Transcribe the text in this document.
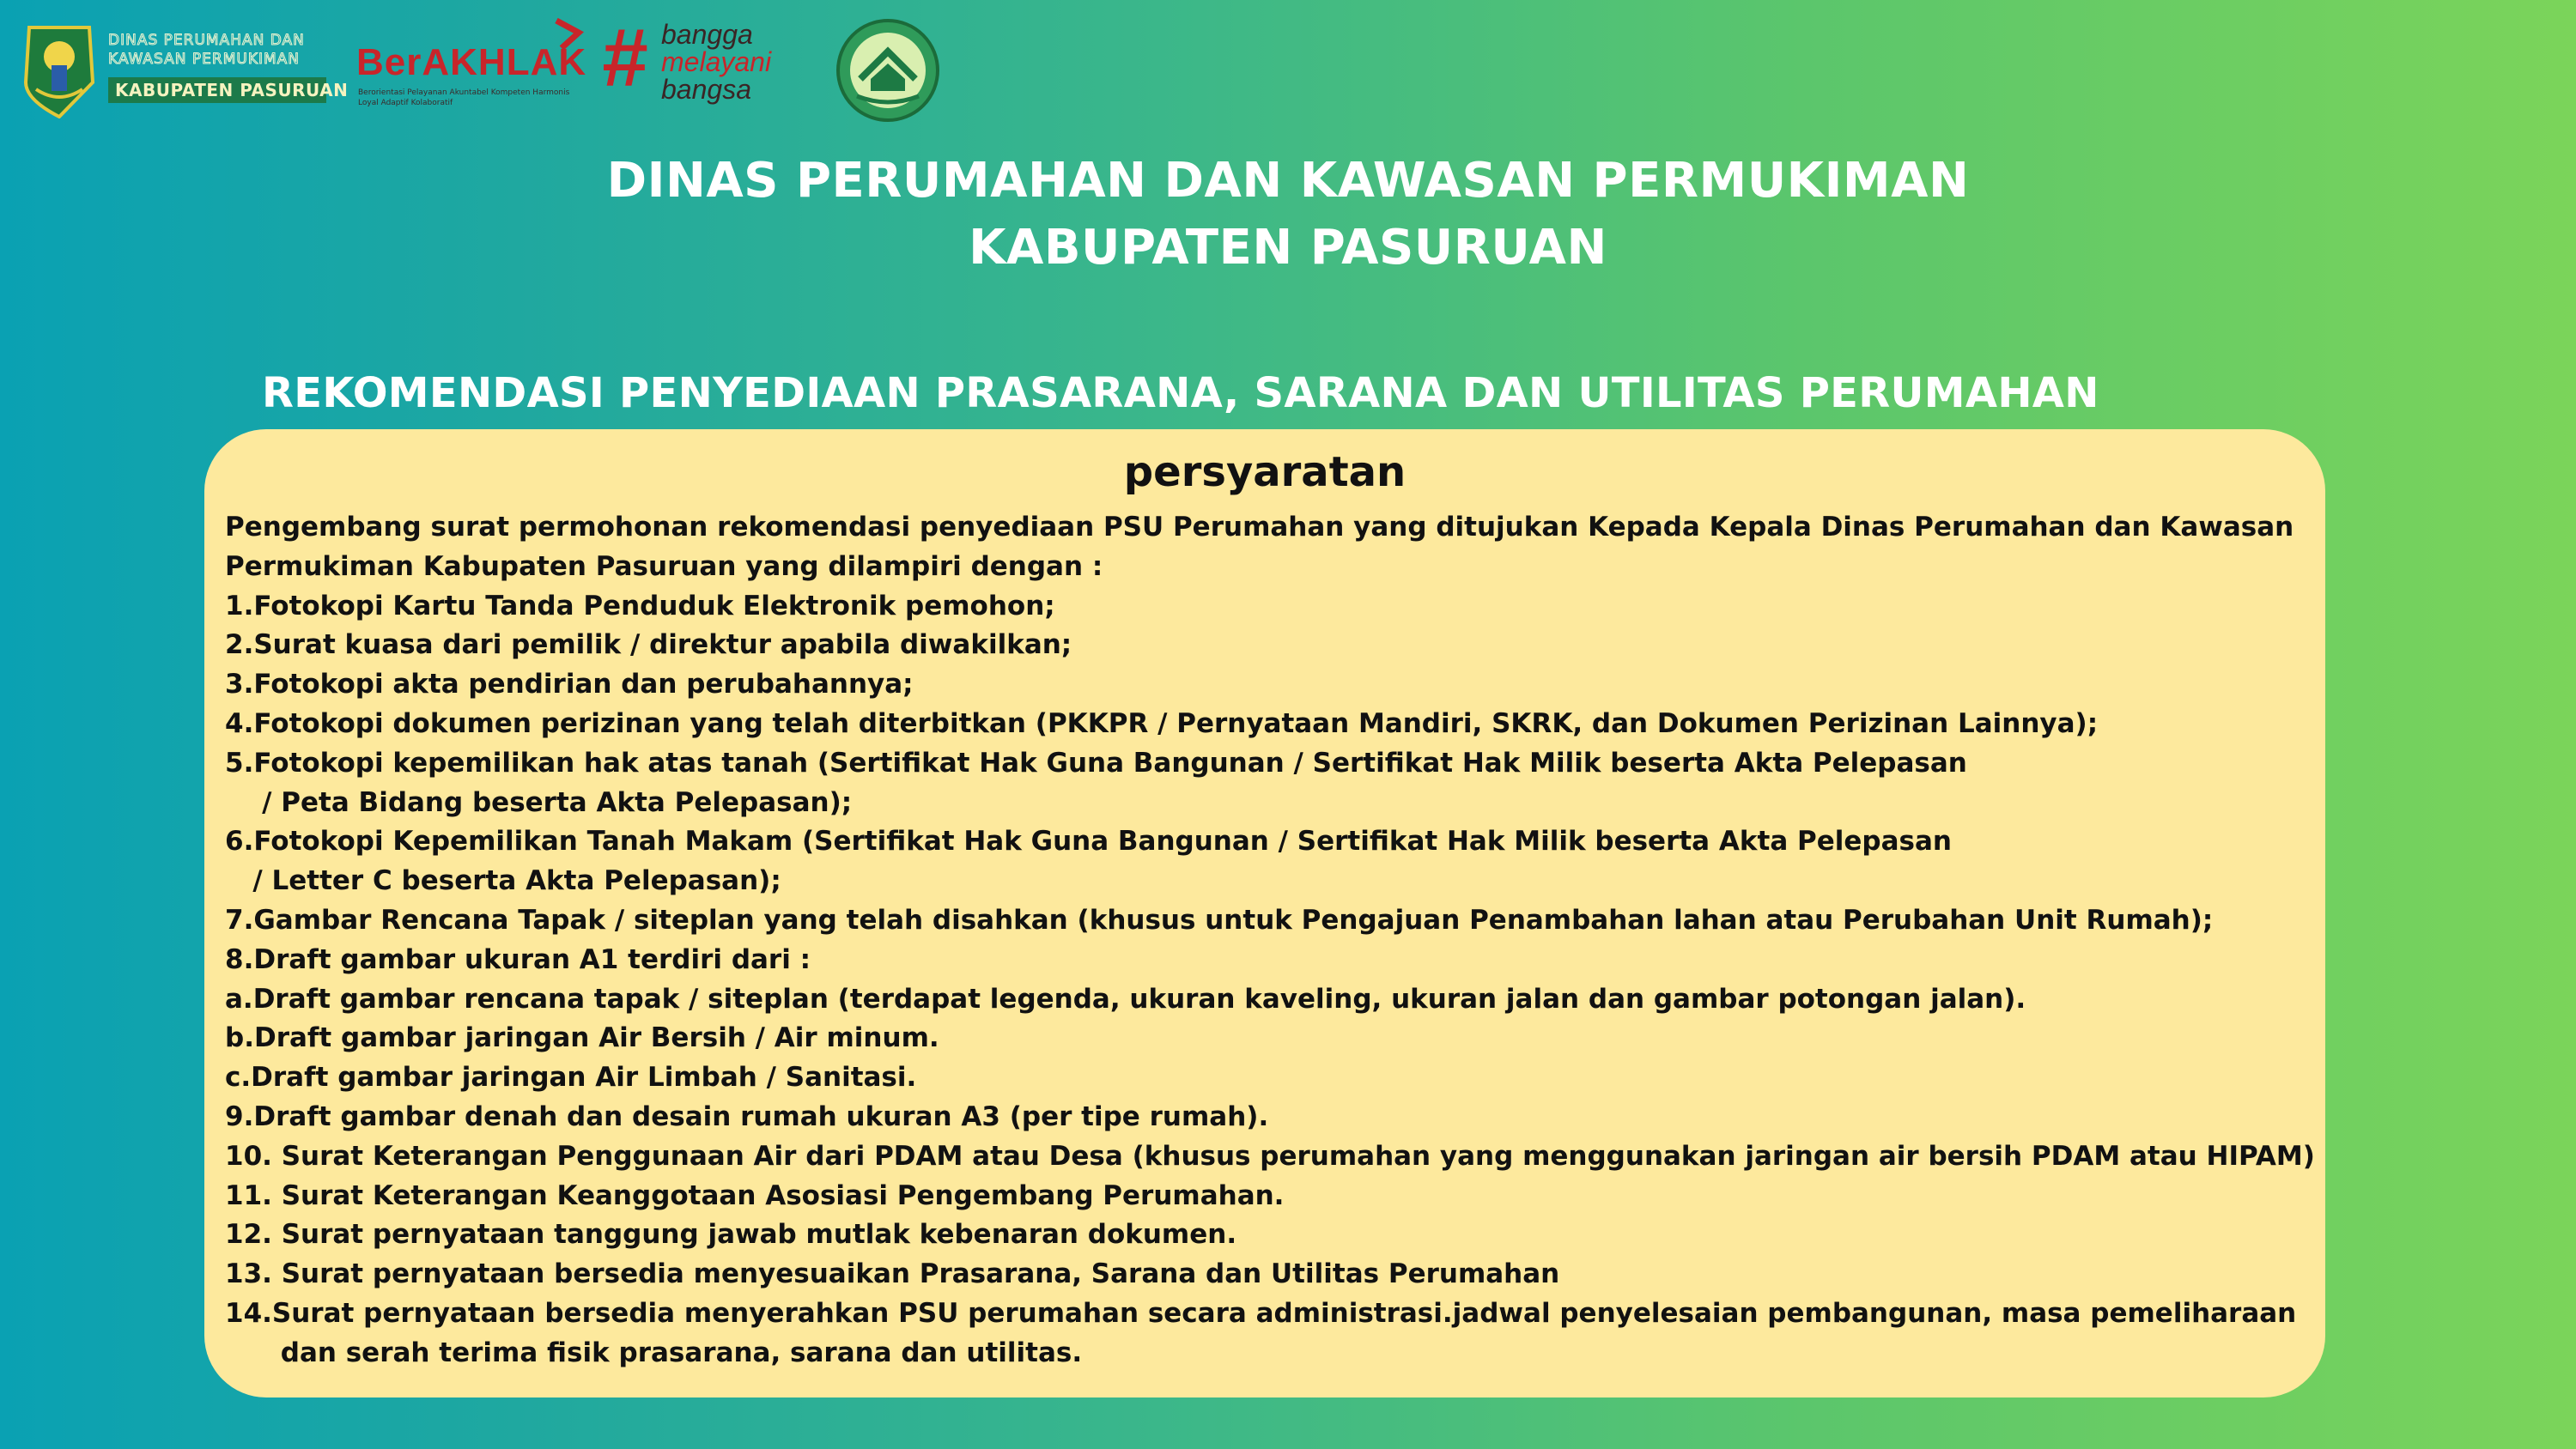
DINAS PERUMAHAN DAN
KAWASAN PERMUKIMAN
KABUPATEN PASURUAN
BerAKHLAK
Berorientasi Pelayanan Akuntabel Kompeten Harmonis Loyal Adaptif Kolaboratif	# bangga
melayani
bangsa
DINAS PERUMAHAN DAN KAWASAN PERMUKIMAN
KABUPATEN PASURUAN
REKOMENDASI PENYEDIAAN PRASARANA, SARANA DAN UTILITAS PERUMAHAN
persyaratan
Pengembang surat permohonan rekomendasi penyediaan PSU Perumahan yang ditujukan Kepada Kepala Dinas Perumahan dan Kawasan
Permukiman Kabupaten Pasuruan yang dilampiri dengan :
1.Fotokopi Kartu Tanda Penduduk Elektronik pemohon;
2.Surat kuasa dari pemilik / direktur apabila diwakilkan;
3.Fotokopi akta pendirian dan perubahannya;
4.Fotokopi dokumen perizinan yang telah diterbitkan (PKKPR / Pernyataan Mandiri, SKRK, dan Dokumen Perizinan Lainnya);
5.Fotokopi kepemilikan hak atas tanah (Sertifikat Hak Guna Bangunan / Sertifikat Hak Milik beserta Akta Pelepasan
/ Peta Bidang beserta Akta Pelepasan);
6.Fotokopi Kepemilikan Tanah Makam (Sertifikat Hak Guna Bangunan / Sertifikat Hak Milik beserta Akta Pelepasan
/ Letter C beserta Akta Pelepasan);
7.Gambar Rencana Tapak / siteplan yang telah disahkan (khusus untuk Pengajuan Penambahan lahan atau Perubahan Unit Rumah);
8.Draft gambar ukuran A1 terdiri dari :
a.Draft gambar rencana tapak / siteplan (terdapat legenda, ukuran kaveling, ukuran jalan dan gambar potongan jalan).
b.Draft gambar jaringan Air Bersih / Air minum.
c.Draft gambar jaringan Air Limbah / Sanitasi.
9.Draft gambar denah dan desain rumah ukuran A3 (per tipe rumah).
10. Surat Keterangan Penggunaan Air dari PDAM atau Desa (khusus perumahan yang menggunakan jaringan air bersih PDAM atau HIPAM)
11. Surat Keterangan Keanggotaan Asosiasi Pengembang Perumahan.
12. Surat pernyataan tanggung jawab mutlak kebenaran dokumen.
13. Surat pernyataan bersedia menyesuaikan Prasarana, Sarana dan Utilitas Perumahan
14.Surat pernyataan bersedia menyerahkan PSU perumahan secara administrasi.jadwal penyelesaian pembangunan, masa pemeliharaan
dan serah terima fisik prasarana, sarana dan utilitas.
